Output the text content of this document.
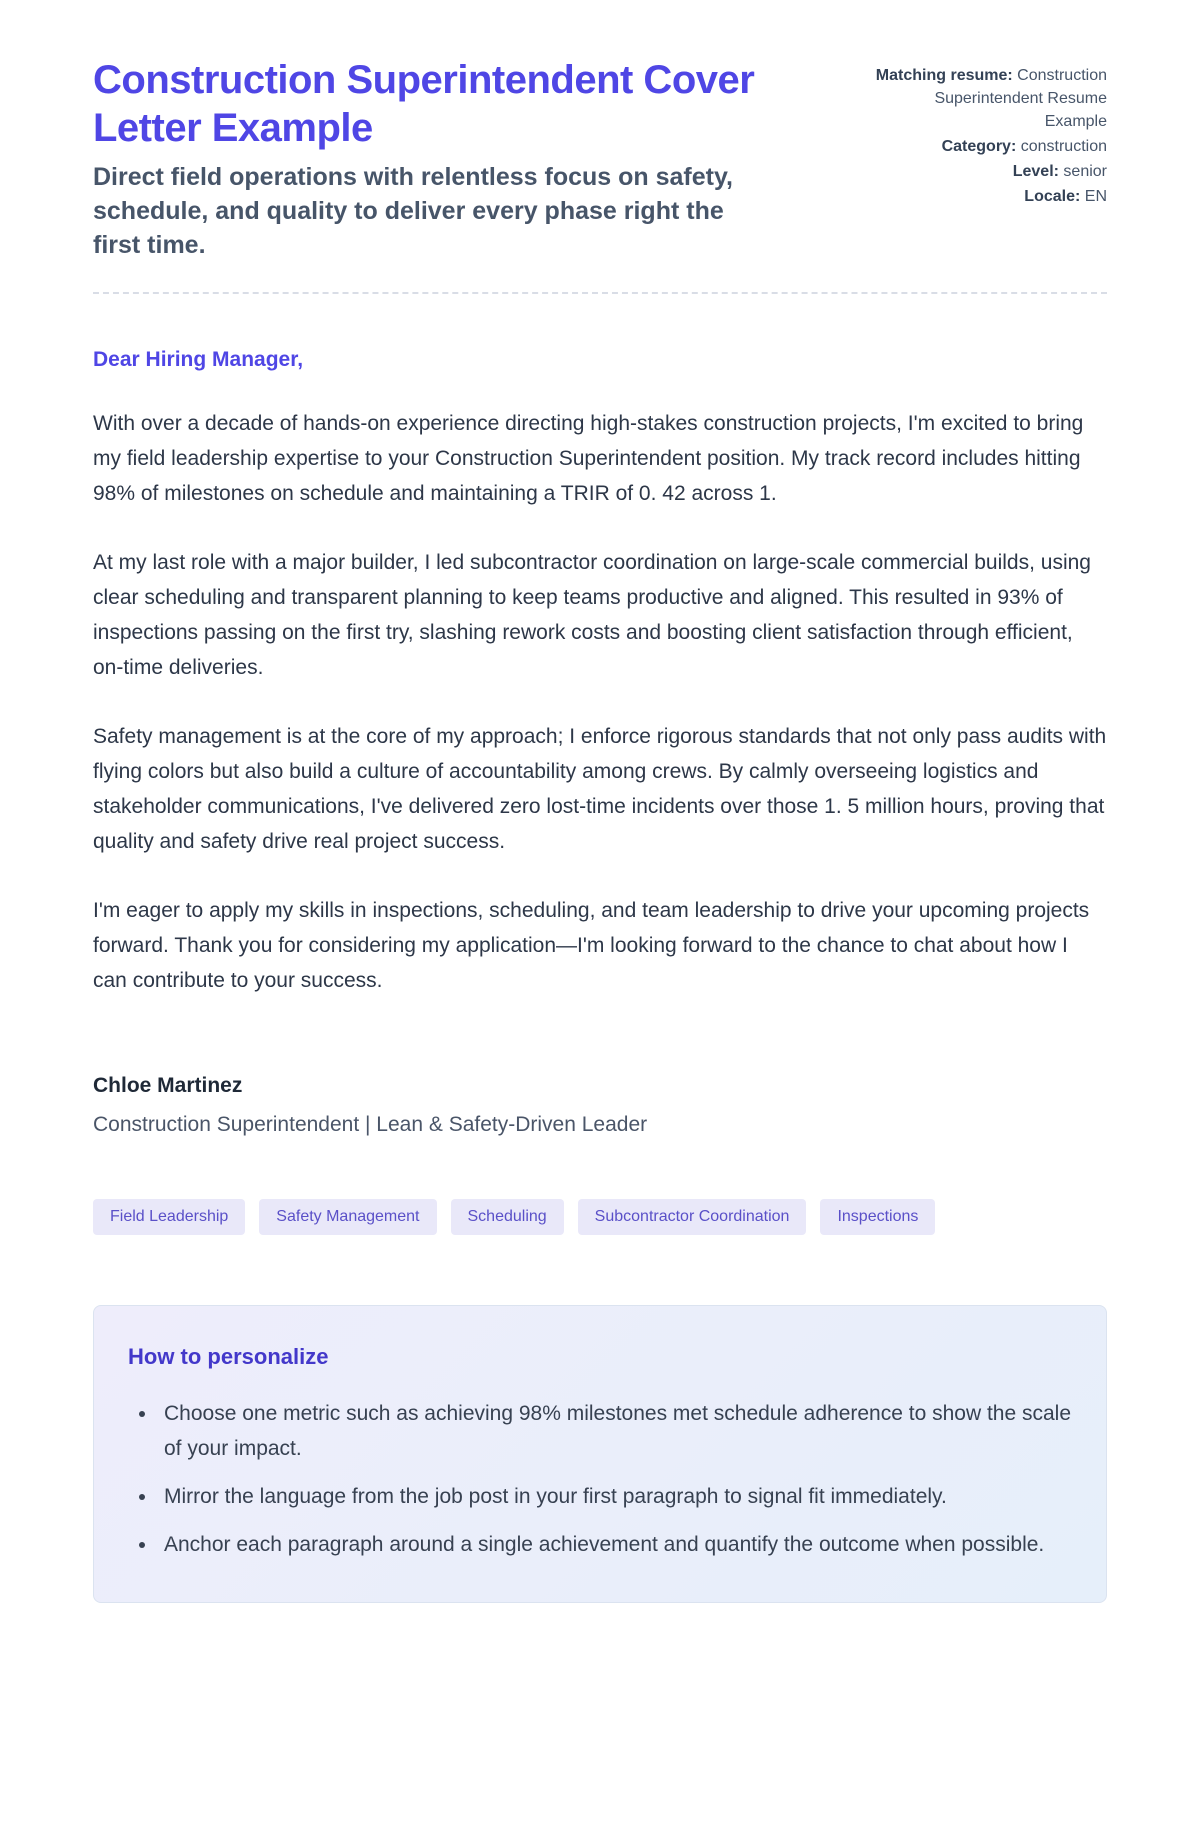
Construction Superintendent Cover Letter Example
Direct field operations with relentless focus on safety, schedule, and quality to deliver every phase right the first time.
Matching resume: Construction Superintendent Resume Example
Category: construction
Level: senior
Locale: EN
Dear Hiring Manager,

With over a decade of hands-on experience directing high-stakes construction projects, I'm excited to bring my field leadership expertise to your Construction Superintendent position. My track record includes hitting 98% of milestones on schedule and maintaining a TRIR of 0. 42 across 1.

At my last role with a major builder, I led subcontractor coordination on large-scale commercial builds, using clear scheduling and transparent planning to keep teams productive and aligned. This resulted in 93% of inspections passing on the first try, slashing rework costs and boosting client satisfaction through efficient, on-time deliveries.

Safety management is at the core of my approach; I enforce rigorous standards that not only pass audits with flying colors but also build a culture of accountability among crews. By calmly overseeing logistics and stakeholder communications, I've delivered zero lost-time incidents over those 1. 5 million hours, proving that quality and safety drive real project success.

I'm eager to apply my skills in inspections, scheduling, and team leadership to drive your upcoming projects forward. Thank you for considering my application—I'm looking forward to the chance to chat about how I can contribute to your success.

Chloe Martinez
Construction Superintendent | Lean & Safety-Driven Leader
Field Leadership	Safety Management	Scheduling	Subcontractor Coordination	Inspections
How to personalize
• Choose one metric such as achieving 98% milestones met schedule adherence to show the scale of your impact.
• Mirror the language from the job post in your first paragraph to signal fit immediately.
• Anchor each paragraph around a single achievement and quantify the outcome when possible.
